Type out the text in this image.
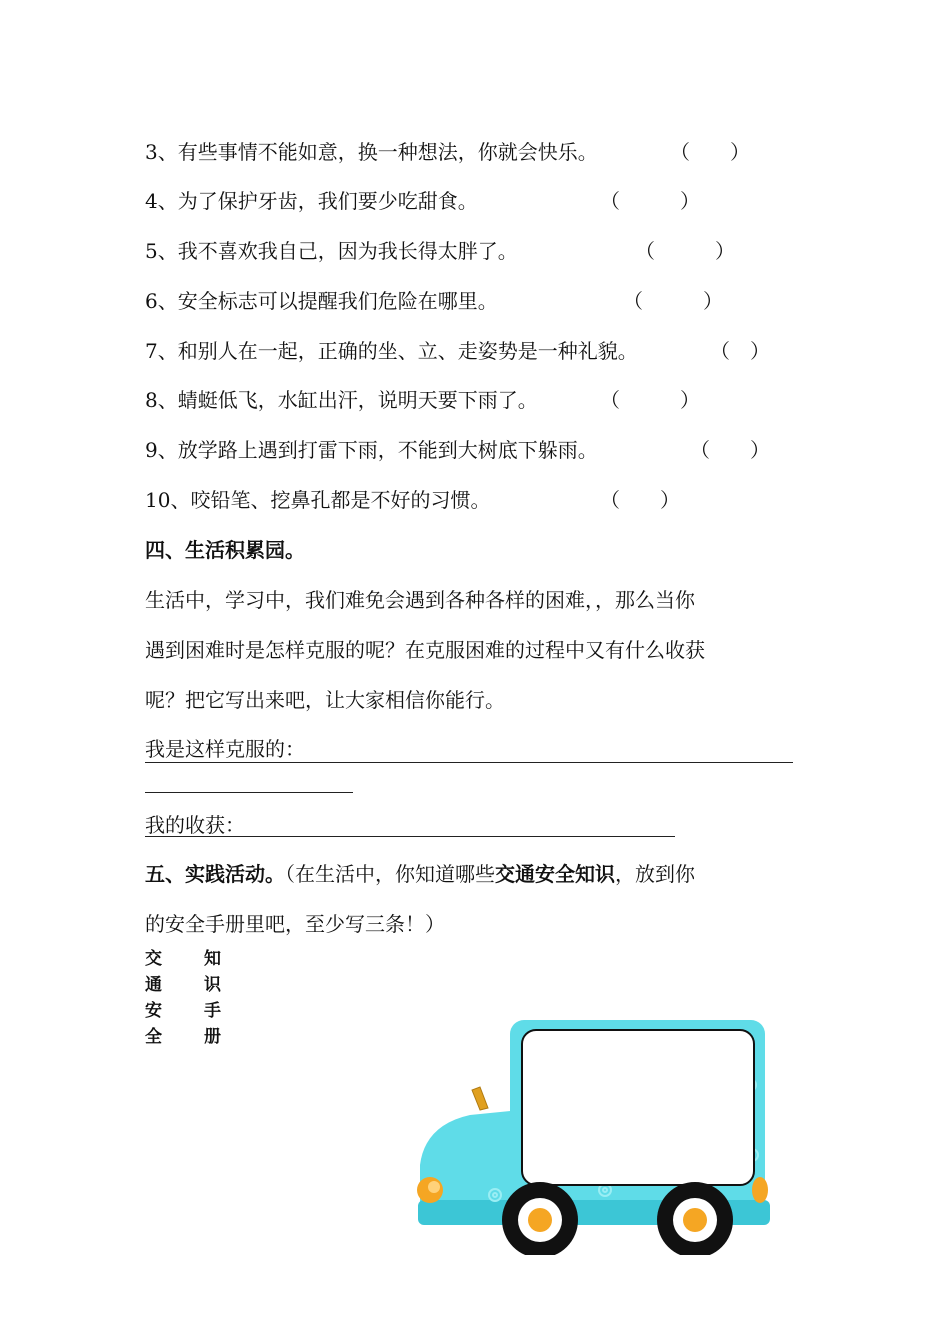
3、有些事情不能如意，换一种想法，你就会快乐。	（　　）
4、为了保护牙齿，我们要少吃甜食。	（　　　）
5、我不喜欢我自己，因为我长得太胖了。	（　　　）
6、安全标志可以提醒我们危险在哪里。	（　　　）
7、和别人在一起，正确的坐、立、走姿势是一种礼貌。	（　）
8、蜻蜓低飞，水缸出汗，说明天要下雨了。	（　　　）
9、放学路上遇到打雷下雨，不能到大树底下躲雨。	（　　）
10、咬铅笔、挖鼻孔都是不好的习惯。	（　　）
四、生活积累园。
生活中，学习中，我们难免会遇到各种各样的困难，，那么当你
遇到困难时是怎样克服的呢？在克服困难的过程中又有什么收获
呢？把它写出来吧，让大家相信你能行。
我是这样克服的：
我的收获：
五、实践活动。（在生活中，你知道哪些交通安全知识，放到你
的安全手册里吧，至少写三条！）
交
通
安
全
知
识
手
册
